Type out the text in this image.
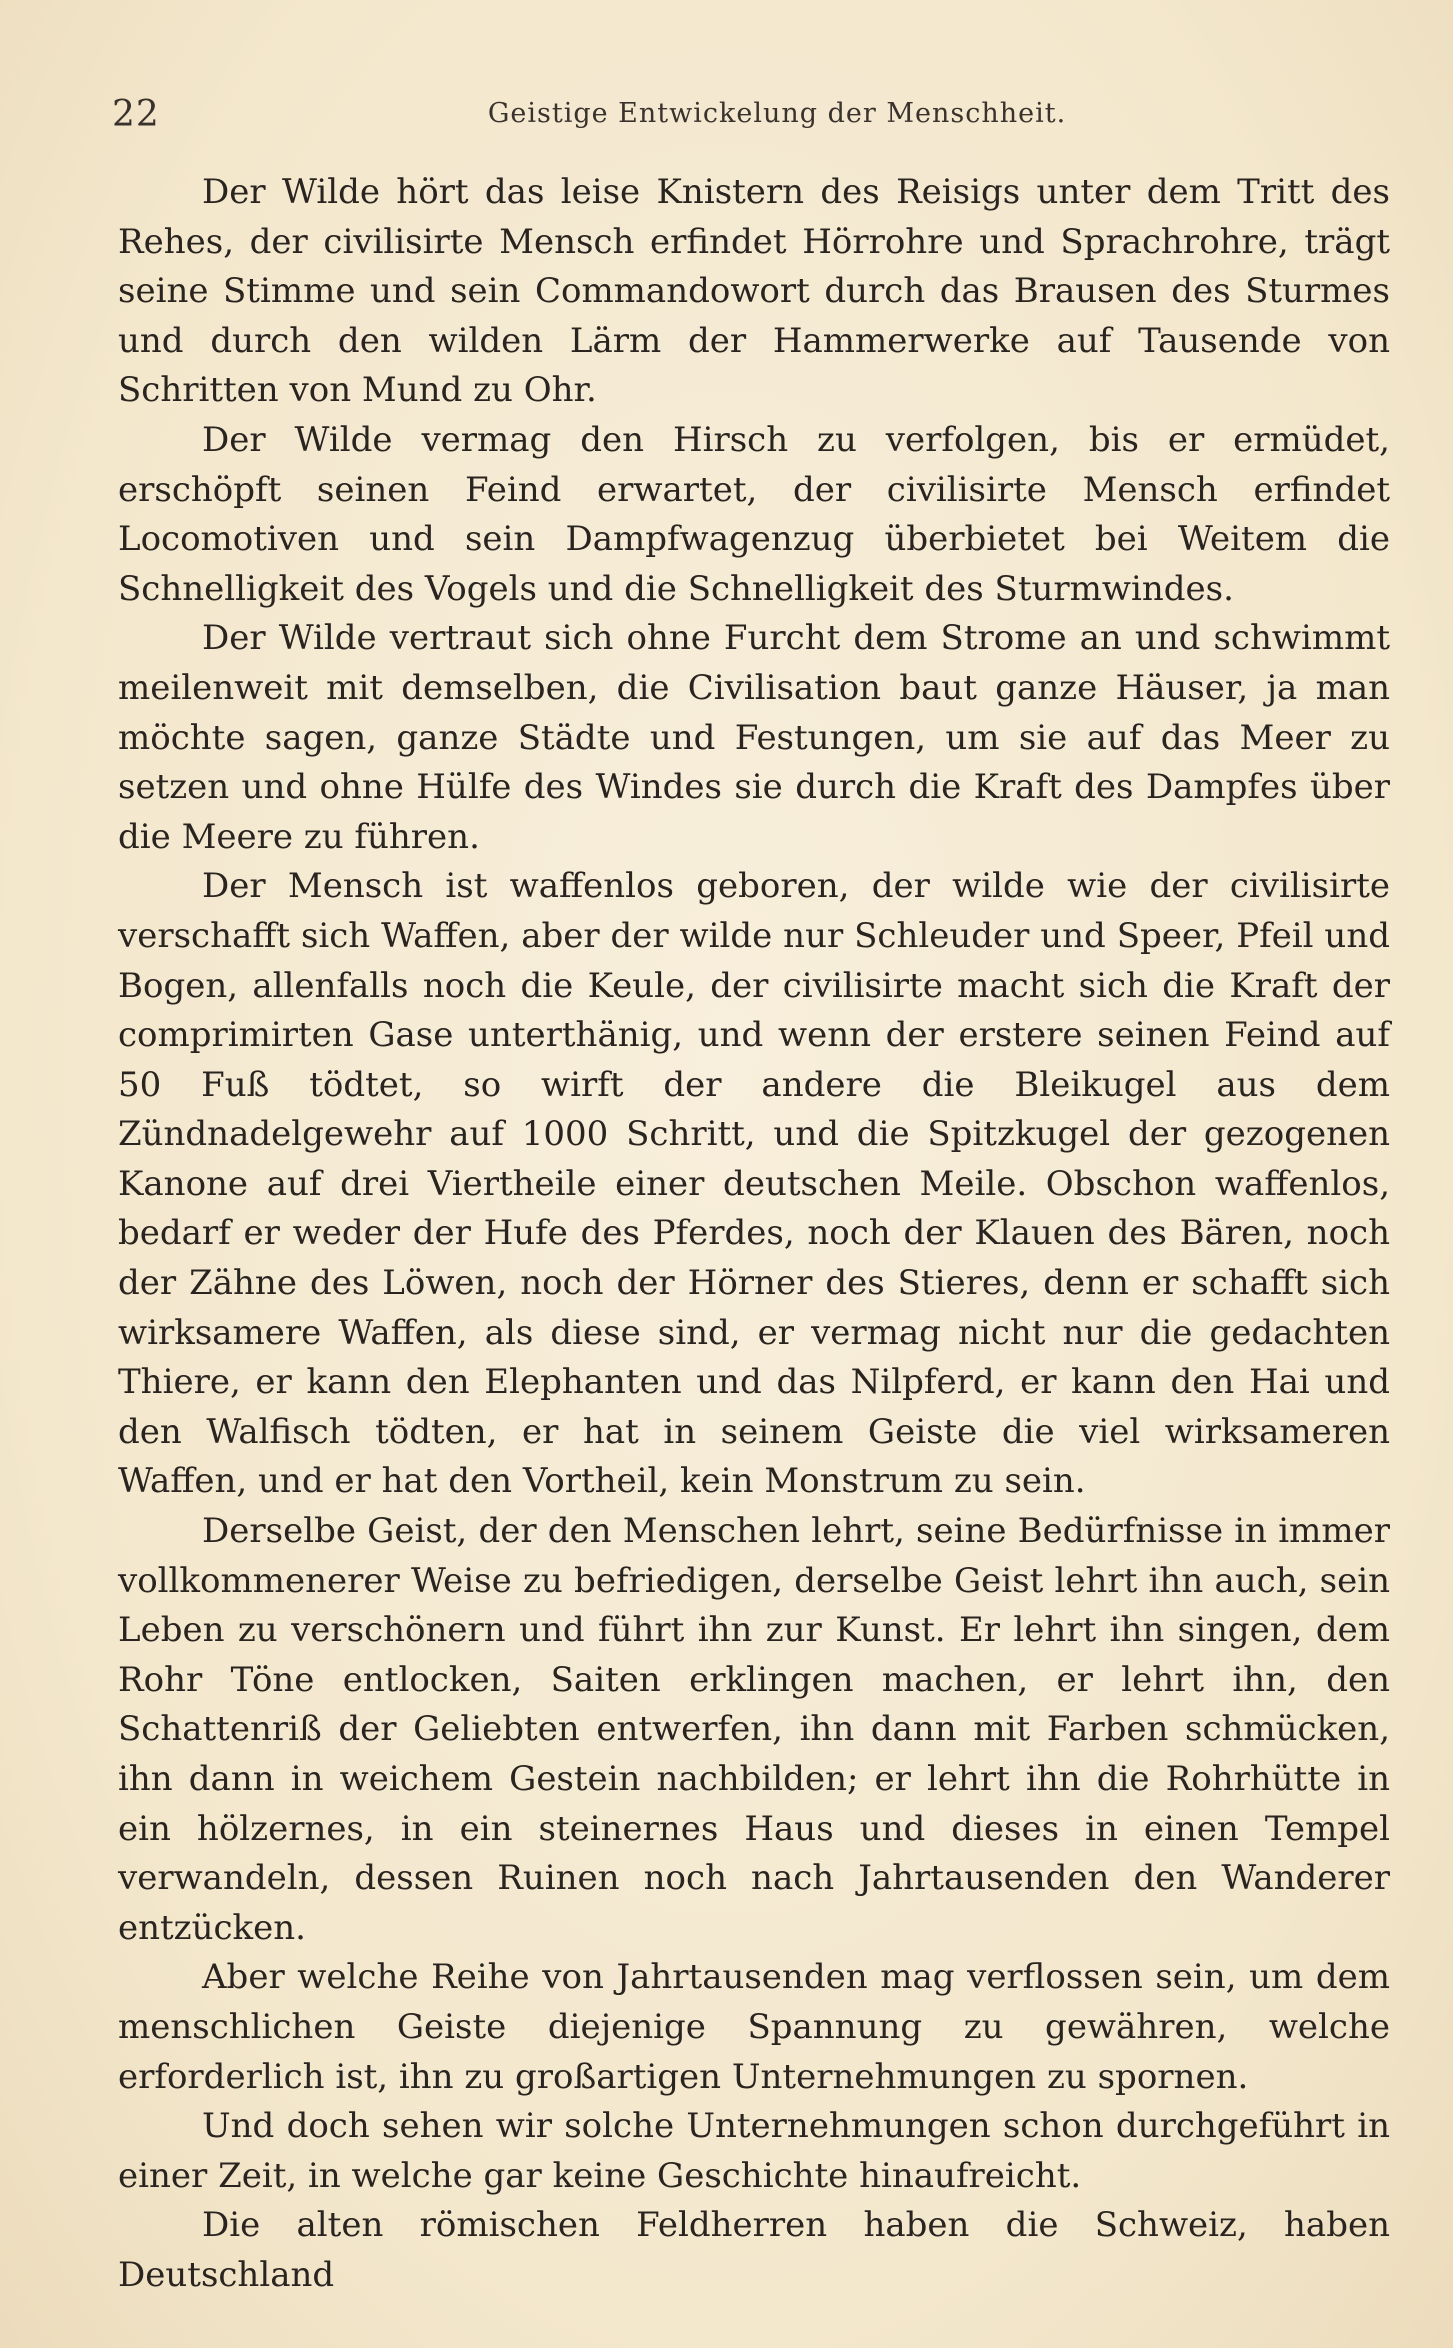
22	Geistige Entwickelung der Menschheit.

Der Wilde hört das leise Knistern des Reisigs unter dem Tritt des Rehes, der civilisirte Mensch erfindet Hörrohre und Sprachrohre, trägt seine Stimme und sein Commandowort durch das Brausen des Sturmes und durch den wilden Lärm der Hammerwerke auf Tausende von Schritten von Mund zu Ohr.

Der Wilde vermag den Hirsch zu verfolgen, bis er ermüdet, erschöpft seinen Feind erwartet, der civilisirte Mensch erfindet Locomotiven und sein Dampfwagenzug überbietet bei Weitem die Schnelligkeit des Vogels und die Schnelligkeit des Sturmwindes.

Der Wilde vertraut sich ohne Furcht dem Strome an und schwimmt meilenweit mit demselben, die Civilisation baut ganze Häuser, ja man möchte sagen, ganze Städte und Festungen, um sie auf das Meer zu setzen und ohne Hülfe des Windes sie durch die Kraft des Dampfes über die Meere zu führen.

Der Mensch ist waffenlos geboren, der wilde wie der civilisirte verschafft sich Waffen, aber der wilde nur Schleuder und Speer, Pfeil und Bogen, allenfalls noch die Keule, der civilisirte macht sich die Kraft der comprimirten Gase unterthänig, und wenn der erstere seinen Feind auf 50 Fuß tödtet, so wirft der andere die Bleikugel aus dem Zündnadelgewehr auf 1000 Schritt, und die Spitzkugel der gezogenen Kanone auf drei Viertheile einer deutschen Meile. Obschon waffenlos, bedarf er weder der Hufe des Pferdes, noch der Klauen des Bären, noch der Zähne des Löwen, noch der Hörner des Stieres, denn er schafft sich wirksamere Waffen, als diese sind, er vermag nicht nur die gedachten Thiere, er kann den Elephanten und das Nilpferd, er kann den Hai und den Walfisch tödten, er hat in seinem Geiste die viel wirksameren Waffen, und er hat den Vortheil, kein Monstrum zu sein.

Derselbe Geist, der den Menschen lehrt, seine Bedürfnisse in immer vollkommenerer Weise zu befriedigen, derselbe Geist lehrt ihn auch, sein Leben zu verschönern und führt ihn zur Kunst. Er lehrt ihn singen, dem Rohr Töne entlocken, Saiten erklingen machen, er lehrt ihn, den Schattenriß der Geliebten entwerfen, ihn dann mit Farben schmücken, ihn dann in weichem Gestein nachbilden; er lehrt ihn die Rohrhütte in ein hölzernes, in ein steinernes Haus und dieses in einen Tempel verwandeln, dessen Ruinen noch nach Jahrtausenden den Wanderer entzücken.

Aber welche Reihe von Jahrtausenden mag verflossen sein, um dem menschlichen Geiste diejenige Spannung zu gewähren, welche erforderlich ist, ihn zu großartigen Unternehmungen zu spornen.

Und doch sehen wir solche Unternehmungen schon durchgeführt in einer Zeit, in welche gar keine Geschichte hinaufreicht.

Die alten römischen Feldherren haben die Schweiz, haben Deutschland
